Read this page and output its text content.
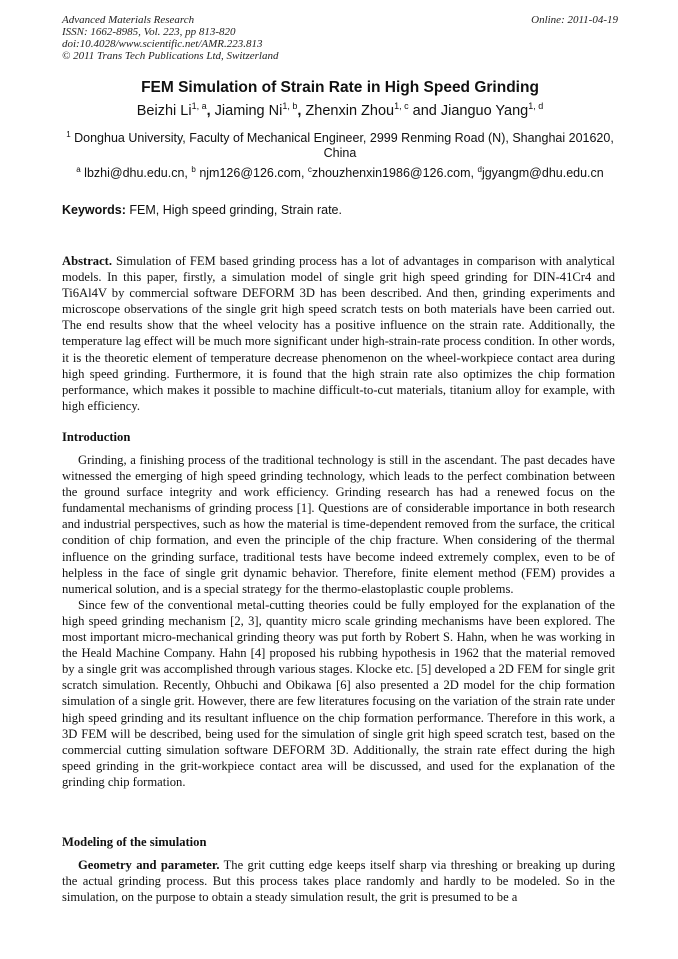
Advanced Materials Research
ISSN: 1662-8985, Vol. 223, pp 813-820
doi:10.4028/www.scientific.net/AMR.223.813
© 2011 Trans Tech Publications Ltd, Switzerland
Online: 2011-04-19
FEM Simulation of Strain Rate in High Speed Grinding
Beizhi Li$^{1, a}$, Jiaming Ni$^{1, b}$, Zhenxin Zhou$^{1, c}$ and Jianguo Yang$^{1, d}$
$^1$ Donghua University, Faculty of Mechanical Engineer, 2999 Renming Road (N), Shanghai 201620, China
$^a$ lbzhi@dhu.edu.cn, $^b$ njm126@126.com, $^c$zhouzhenxin1986@126.com, $^d$jgyangm@dhu.edu.cn
Keywords: FEM, High speed grinding, Strain rate.
Abstract. Simulation of FEM based grinding process has a lot of advantages in comparison with analytical models. In this paper, firstly, a simulation model of single grit high speed grinding for DIN-41Cr4 and Ti6Al4V by commercial software DEFORM 3D has been described. And then, grinding experiments and microscope observations of the single grit high speed scratch tests on both materials have been carried out. The end results show that the wheel velocity has a positive influence on the strain rate. Additionally, the temperature lag effect will be much more significant under high-strain-rate process condition. In other words, it is the theoretic element of temperature decrease phenomenon on the wheel-workpiece contact area during high speed grinding. Furthermore, it is found that the high strain rate also optimizes the chip formation performance, which makes it possible to machine difficult-to-cut materials, titanium alloy for example, with high efficiency.
Introduction

Grinding, a finishing process of the traditional technology is still in the ascendant. The past decades have witnessed the emerging of high speed grinding technology, which leads to the perfect combination between the ground surface integrity and work efficiency. Grinding research has had a renewed focus on the fundamental mechanisms of grinding process [1]. Questions are of considerable importance in both research and industrial perspectives, such as how the material is time-dependent removed from the surface, the critical condition of chip formation, and even the principle of the chip fracture. When considering of the thermal influence on the grinding surface, traditional tests have become indeed extremely complex, even to be of helpless in the face of single grit dynamic behavior. Therefore, finite element method (FEM) provides a numerical solution, and is a special strategy for the thermo-elastoplastic couple problems.

Since few of the conventional metal-cutting theories could be fully employed for the explanation of the high speed grinding mechanism [2, 3], quantity micro scale grinding mechanisms have been explored. The most important micro-mechanical grinding theory was put forth by Robert S. Hahn, when he was working in the Heald Machine Company. Hahn [4] proposed his rubbing hypothesis in 1962 that the material removed by a single grit was accomplished through various stages. Klocke etc. [5] developed a 2D FEM for single grit scratch simulation. Recently, Ohbuchi and Obikawa [6] also presented a 2D model for the chip formation simulation of a single grit. However, there are few literatures focusing on the variation of the strain rate under high speed grinding and its resultant influence on the chip formation performance. Therefore in this work, a 3D FEM will be described, being used for the simulation of single grit high speed scratch test, based on the commercial cutting simulation software DEFORM 3D. Additionally, the strain rate effect during the high speed grinding in the grit-workpiece contact area will be discussed, and used for the explanation of the grinding chip formation.

Modeling of the simulation

Geometry and parameter. The grit cutting edge keeps itself sharp via threshing or breaking up during the actual grinding process. But this process takes place randomly and hardly to be modeled. So in the simulation, on the purpose to obtain a steady simulation result, the grit is presumed to be a
